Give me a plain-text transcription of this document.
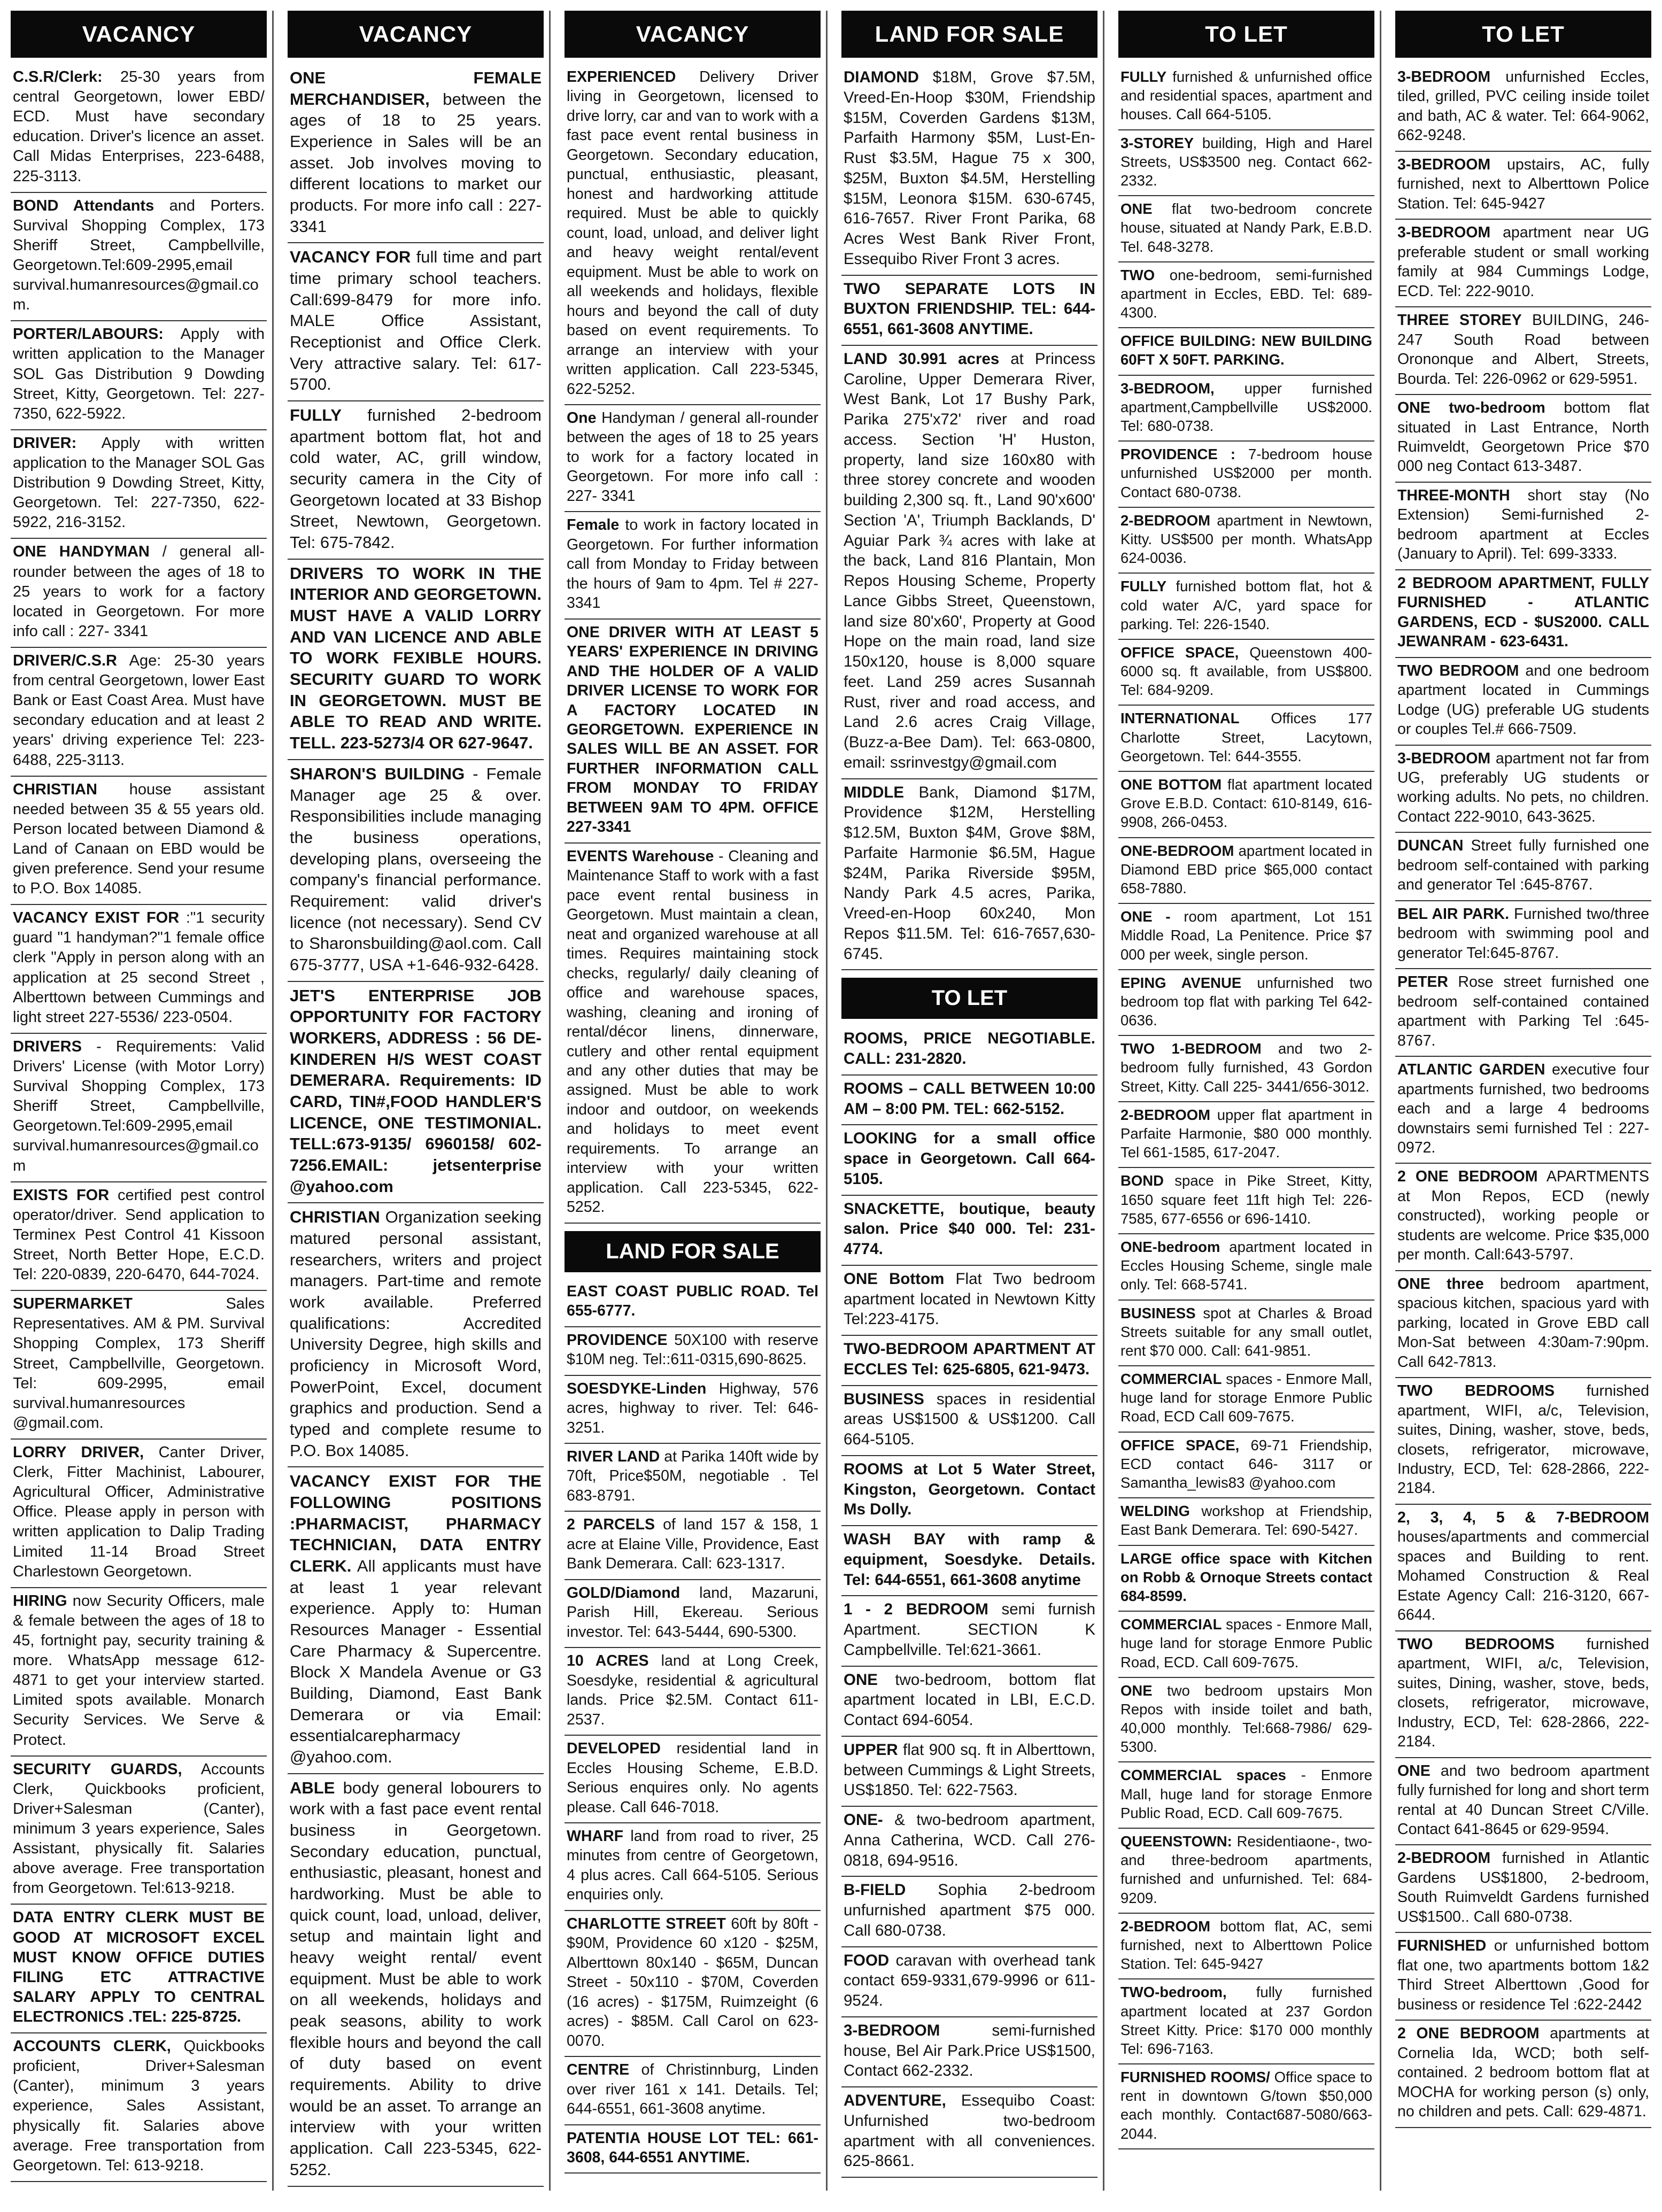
VACANCY
C.S.R/Clerk: 25-30 years from central Georgetown, lower EBD/ ECD. Must have secondary education. Driver's licence an asset. Call Midas Enterprises, 223-6488, 225-3113.
BOND Attendants and Porters. Survival Shopping Complex, 173 Sheriff Street, Campbellville, Georgetown.Tel:609-2995,email survival.humanresources@gmail.com.
PORTER/LABOURS: Apply with written application to the Manager SOL Gas Distribution 9 Dowding Street, Kitty, Georgetown. Tel: 227-7350, 622-5922.
DRIVER: Apply with written application to the Manager SOL Gas Distribution 9 Dowding Street, Kitty, Georgetown. Tel: 227-7350, 622-5922, 216-3152.
ONE HANDYMAN / general all-rounder between the ages of 18 to 25 years to work for a factory located in Georgetown. For more info call : 227- 3341
DRIVER/C.S.R Age: 25-30 years from central Georgetown, lower East Bank or East Coast Area. Must have secondary education and at least 2 years' driving experience Tel: 223-6488, 225-3113.
CHRISTIAN house assistant needed between 35 & 55 years old. Person located between Diamond & Land of Canaan on EBD would be given preference. Send your resume to P.O. Box 14085.
VACANCY EXIST FOR :"1 security guard "1 handyman?"1 female office clerk "Apply in person along with an application at 25 second Street , Alberttown between Cummings and light street 227-5536/ 223-0504.
DRIVERS - Requirements: Valid Drivers' License (with Motor Lorry) Survival Shopping Complex, 173 Sheriff Street, Campbellville, Georgetown.Tel:609-2995,email survival.humanresources@gmail.com
EXISTS FOR certified pest control operator/driver. Send application to Terminex Pest Control 41 Kissoon Street, North Better Hope, E.C.D. Tel: 220-0839, 220-6470, 644-7024.
SUPERMARKET Sales Representatives. AM & PM. Survival Shopping Complex, 173 Sheriff Street, Campbellville, Georgetown. Tel: 609-2995, email survival.humanresources @gmail.com.
LORRY DRIVER, Canter Driver, Clerk, Fitter Machinist, Labourer, Agricultural Officer, Administrative Office. Please apply in person with written application to Dalip Trading Limited 11-14 Broad Street Charlestown Georgetown.
HIRING now Security Officers, male & female between the ages of 18 to 45, fortnight pay, security training & more. WhatsApp message 612-4871 to get your interview started. Limited spots available. Monarch Security Services. We Serve & Protect.
SECURITY GUARDS, Accounts Clerk, Quickbooks proficient, Driver+Salesman (Canter), minimum 3 years experience, Sales Assistant, physically fit. Salaries above average. Free transportation from Georgetown. Tel:613-9218.
DATA ENTRY CLERK MUST BE GOOD AT MICROSOFT EXCEL MUST KNOW OFFICE DUTIES FILING ETC ATTRACTIVE SALARY APPLY TO CENTRAL ELECTRONICS .TEL: 225-8725.
ACCOUNTS CLERK, Quickbooks proficient, Driver+Salesman (Canter), minimum 3 years experience, Sales Assistant, physically fit. Salaries above average. Free transportation from Georgetown. Tel: 613-9218.
VACANCY
ONE FEMALE MERCHANDISER, between the ages of 18 to 25 years. Experience in Sales will be an asset. Job involves moving to different locations to market our products. For more info call : 227- 3341
VACANCY FOR full time and part time primary school teachers. Call:699-8479 for more info. MALE Office Assistant, Receptionist and Office Clerk. Very attractive salary. Tel: 617-5700.
FULLY furnished 2-bedroom apartment bottom flat, hot and cold water, AC, grill window, security camera in the City of Georgetown located at 33 Bishop Street, Newtown, Georgetown. Tel: 675-7842.
DRIVERS TO WORK IN THE INTERIOR AND GEORGETOWN. MUST HAVE A VALID LORRY AND VAN LICENCE AND ABLE TO WORK FEXIBLE HOURS. SECURITY GUARD TO WORK IN GEORGETOWN. MUST BE ABLE TO READ AND WRITE. TELL. 223-5273/4 OR 627-9647.
SHARON'S BUILDING - Female Manager age 25 & over. Responsibilities include managing the business operations, developing plans, overseeing the company's financial performance. Requirement: valid driver's licence (not necessary). Send CV to Sharonsbuilding@aol.com. Call 675-3777, USA +1-646-932-6428.
JET'S ENTERPRISE JOB OPPORTUNITY FOR FACTORY WORKERS, ADDRESS : 56 DE-KINDEREN H/S WEST COAST DEMERARA. Requirements: ID CARD, TIN#,FOOD HANDLER'S LICENCE, ONE TESTIMONIAL. TELL:673-9135/ 6960158/ 602-7256.EMAIL: jetsenterprise @yahoo.com
CHRISTIAN Organization seeking matured personal assistant, researchers, writers and project managers. Part-time and remote work available. Preferred qualifications: Accredited University Degree, high skills and proficiency in Microsoft Word, PowerPoint, Excel, document graphics and production. Send a typed and complete resume to P.O. Box 14085.
VACANCY EXIST FOR THE FOLLOWING POSITIONS :PHARMACIST, PHARMACY TECHNICIAN, DATA ENTRY CLERK. All applicants must have at least 1 year relevant experience. Apply to: Human Resources Manager - Essential Care Pharmacy & Supercentre. Block X Mandela Avenue or G3 Building, Diamond, East Bank Demerara or via Email: essentialcarepharmacy @yahoo.com.
ABLE body general lobourers to work with a fast pace event rental business in Georgetown. Secondary education, punctual, enthusiastic, pleasant, honest and hardworking. Must be able to quick count, load, unload, deliver, setup and maintain light and heavy weight rental/ event equipment. Must be able to work on all weekends, holidays and peak seasons, ability to work flexible hours and beyond the call of duty based on event requirements. Ability to drive would be an asset. To arrange an interview with your written application. Call 223-5345, 622-5252.
VACANCY
EXPERIENCED Delivery Driver living in Georgetown, licensed to drive lorry, car and van to work with a fast pace event rental business in Georgetown. Secondary education, punctual, enthusiastic, pleasant, honest and hardworking attitude required. Must be able to quickly count, load, unload, and deliver light and heavy weight rental/event equipment. Must be able to work on all weekends and holidays, flexible hours and beyond the call of duty based on event requirements. To arrange an interview with your written application. Call 223-5345, 622-5252.
One Handyman / general all-rounder between the ages of 18 to 25 years to work for a factory located in Georgetown. For more info call : 227- 3341
Female to work in factory located in Georgetown. For further information call from Monday to Friday between the hours of 9am to 4pm. Tel # 227-3341
ONE DRIVER WITH AT LEAST 5 YEARS' EXPERIENCE IN DRIVING AND THE HOLDER OF A VALID DRIVER LICENSE TO WORK FOR A FACTORY LOCATED IN GEORGETOWN. EXPERIENCE IN SALES WILL BE AN ASSET. FOR FURTHER INFORMATION CALL FROM MONDAY TO FRIDAY BETWEEN 9AM TO 4PM. OFFICE 227-3341
EVENTS Warehouse - Cleaning and Maintenance Staff to work with a fast pace event rental business in Georgetown. Must maintain a clean, neat and organized warehouse at all times. Requires maintaining stock checks, regularly/ daily cleaning of office and warehouse spaces, washing, cleaning and ironing of rental/décor linens, dinnerware, cutlery and other rental equipment and any other duties that may be assigned. Must be able to work indoor and outdoor, on weekends and holidays to meet event requirements. To arrange an interview with your written application. Call 223-5345, 622-5252.
LAND FOR SALE
EAST COAST PUBLIC ROAD. Tel 655-6777.
PROVIDENCE 50X100 with reserve $10M neg. Tel::611-0315,690-8625.
SOESDYKE-Linden Highway, 576 acres, highway to river. Tel: 646-3251.
RIVER LAND at Parika 140ft wide by 70ft, Price$50M, negotiable . Tel 683-8791.
2 PARCELS of land 157 & 158, 1 acre at Elaine Ville, Providence, East Bank Demerara. Call: 623-1317.
GOLD/Diamond land, Mazaruni, Parish Hill, Ekereau. Serious investor. Tel: 643-5444, 690-5300.
10 ACRES land at Long Creek, Soesdyke, residential & agricultural lands. Price $2.5M. Contact 611-2537.
DEVELOPED residential land in Eccles Housing Scheme, E.B.D. Serious enquires only. No agents please. Call 646-7018.
WHARF land from road to river, 25 minutes from centre of Georgetown, 4 plus acres. Call 664-5105. Serious enquiries only.
CHARLOTTE STREET 60ft by 80ft - $90M, Providence 60 x120 - $25M, Alberttown 80x140 - $65M, Duncan Street - 50x110 - $70M, Coverden (16 acres) - $175M, Ruimzeight (6 acres) - $85M. Call Carol on 623-0070.
CENTRE of Christinnburg, Linden over river 161 x 141. Details. Tel; 644-6551, 661-3608 anytime.
PATENTIA HOUSE LOT TEL: 661-3608, 644-6551 ANYTIME.
LAND FOR SALE
DIAMOND $18M, Grove $7.5M, Vreed-En-Hoop $30M, Friendship $15M, Coverden Gardens $13M, Parfaith Harmony $5M, Lust-En-Rust $3.5M, Hague 75 x 300, $25M, Buxton $4.5M, Herstelling $15M, Leonora $15M. 630-6745, 616-7657. River Front Parika, 68 Acres West Bank River Front, Essequibo River Front 3 acres.
TWO SEPARATE LOTS IN BUXTON FRIENDSHIP. TEL: 644-6551, 661-3608 ANYTIME.
LAND 30.991 acres at Princess Caroline, Upper Demerara River, West Bank, Lot 17 Bushy Park, Parika 275'x72' river and road access. Section 'H' Huston, property, land size 160x80 with three storey concrete and wooden building 2,300 sq. ft., Land 90'x600' Section 'A', Triumph Backlands, D' Aguiar Park ¾ acres with lake at the back, Land 816 Plantain, Mon Repos Housing Scheme, Property Lance Gibbs Street, Queenstown, land size 80'x60', Property at Good Hope on the main road, land size 150x120, house is 8,000 square feet. Land 259 acres Susannah Rust, river and road access, and Land 2.6 acres Craig Village, (Buzz-a-Bee Dam). Tel: 663-0800, email: ssrinvestgy@gmail.com
MIDDLE Bank, Diamond $17M, Providence $12M, Herstelling $12.5M, Buxton $4M, Grove $8M, Parfaite Harmonie $6.5M, Hague $24M, Parika Riverside $95M, Nandy Park 4.5 acres, Parika, Vreed-en-Hoop 60x240, Mon Repos $11.5M. Tel: 616-7657,630-6745.
TO LET
ROOMS, PRICE NEGOTIABLE. CALL: 231-2820.
ROOMS – CALL BETWEEN 10:00 AM – 8:00 PM. TEL: 662-5152.
LOOKING for a small office space in Georgetown. Call 664-5105.
SNACKETTE, boutique, beauty salon. Price $40 000. Tel: 231-4774.
ONE Bottom Flat Two bedroom apartment located in Newtown Kitty Tel:223-4175.
TWO-BEDROOM APARTMENT AT ECCLES Tel: 625-6805, 621-9473.
BUSINESS spaces in residential areas US$1500 & US$1200. Call 664-5105.
ROOMS at Lot 5 Water Street, Kingston, Georgetown. Contact Ms Dolly.
WASH BAY with ramp & equipment, Soesdyke. Details. Tel: 644-6551, 661-3608 anytime
1 - 2 BEDROOM semi furnish Apartment. SECTION K Campbellville. Tel:621-3661.
ONE two-bedroom, bottom flat apartment located in LBI, E.C.D. Contact 694-6054.
UPPER flat 900 sq. ft in Alberttown, between Cummings & Light Streets, US$1850. Tel: 622-7563.
ONE- & two-bedroom apartment, Anna Catherina, WCD. Call 276-0818, 694-9516.
B-FIELD Sophia 2-bedroom unfurnished apartment $75 000. Call 680-0738.
FOOD caravan with overhead tank contact 659-9331,679-9996 or 611-9524.
3-BEDROOM semi-furnished house, Bel Air Park.Price US$1500, Contact 662-2332.
ADVENTURE, Essequibo Coast: Unfurnished two-bedroom apartment with all conveniences. 625-8661.
TO LET
FULLY furnished & unfurnished office and residential spaces, apartment and houses. Call 664-5105.
3-STOREY building, High and Harel Streets, US$3500 neg. Contact 662-2332.
ONE flat two-bedroom concrete house, situated at Nandy Park, E.B.D. Tel. 648-3278.
TWO one-bedroom, semi-furnished apartment in Eccles, EBD. Tel: 689-4300.
OFFICE BUILDING: NEW BUILDING 60FT X 50FT. PARKING.
3-BEDROOM, upper furnished apartment,Campbellville US$2000. Tel: 680-0738.
PROVIDENCE : 7-bedroom house unfurnished US$2000 per month. Contact 680-0738.
2-BEDROOM apartment in Newtown, Kitty. US$500 per month. WhatsApp 624-0036.
FULLY furnished bottom flat, hot & cold water A/C, yard space for parking. Tel: 226-1540.
OFFICE SPACE, Queenstown 400-6000 sq. ft available, from US$800. Tel: 684-9209.
INTERNATIONAL Offices 177 Charlotte Street, Lacytown, Georgetown. Tel: 644-3555.
ONE BOTTOM flat apartment located Grove E.B.D. Contact: 610-8149, 616-9908, 266-0453.
ONE-BEDROOM apartment located in Diamond EBD price $65,000 contact 658-7880.
ONE - room apartment, Lot 151 Middle Road, La Penitence. Price $7 000 per week, single person.
EPING AVENUE unfurnished two bedroom top flat with parking Tel 642-0636.
TWO 1-BEDROOM and two 2-bedroom fully furnished, 43 Gordon Street, Kitty. Call 225- 3441/656-3012.
2-BEDROOM upper flat apartment in Parfaite Harmonie, $80 000 monthly. Tel 661-1585, 617-2047.
BOND space in Pike Street, Kitty, 1650 square feet 11ft high Tel: 226-7585, 677-6556 or 696-1410.
ONE-bedroom apartment located in Eccles Housing Scheme, single male only. Tel: 668-5741.
BUSINESS spot at Charles & Broad Streets suitable for any small outlet, rent $70 000. Call: 641-9851.
COMMERCIAL spaces - Enmore Mall, huge land for storage Enmore Public Road, ECD Call 609-7675.
OFFICE SPACE, 69-71 Friendship, ECD contact 646- 3117 or Samantha_lewis83 @yahoo.com
WELDING workshop at Friendship, East Bank Demerara. Tel: 690-5427.
LARGE office space with Kitchen on Robb & Ornoque Streets contact 684-8599.
COMMERCIAL spaces - Enmore Mall, huge land for storage Enmore Public Road, ECD. Call 609-7675.
ONE two bedroom upstairs Mon Repos with inside toilet and bath, 40,000 monthly. Tel:668-7986/ 629-5300.
COMMERCIAL spaces - Enmore Mall, huge land for storage Enmore Public Road, ECD. Call 609-7675.
QUEENSTOWN: Residentiaone-, two-and three-bedroom apartments, furnished and unfurnished. Tel: 684-9209.
2-BEDROOM bottom flat, AC, semi furnished, next to Alberttown Police Station. Tel: 645-9427
TWO-bedroom, fully furnished apartment located at 237 Gordon Street Kitty. Price: $170 000 monthly Tel: 696-7163.
FURNISHED ROOMS/ Office space to rent in downtown G/town $50,000 each monthly. Contact687-5080/663-2044.
TO LET
3-BEDROOM unfurnished Eccles, tiled, grilled, PVC ceiling inside toilet and bath, AC & water. Tel: 664-9062, 662-9248.
3-BEDROOM upstairs, AC, fully furnished, next to Alberttown Police Station. Tel: 645-9427
3-BEDROOM apartment near UG preferable student or small working family at 984 Cummings Lodge, ECD. Tel: 222-9010.
THREE STOREY BUILDING, 246-247 South Road between Orononque and Albert, Streets, Bourda. Tel: 226-0962 or 629-5951.
ONE two-bedroom bottom flat situated in Last Entrance, North Ruimveldt, Georgetown Price $70 000 neg Contact 613-3487.
THREE-MONTH short stay (No Extension) Semi-furnished 2-bedroom apartment at Eccles (January to April). Tel: 699-3333.
2 BEDROOM APARTMENT, FULLY FURNISHED - ATLANTIC GARDENS, ECD - $US2000. CALL JEWANRAM - 623-6431.
TWO BEDROOM and one bedroom apartment located in Cummings Lodge (UG) preferable UG students or couples Tel.# 666-7509.
3-BEDROOM apartment not far from UG, preferably UG students or working adults. No pets, no children. Contact 222-9010, 643-3625.
DUNCAN Street fully furnished one bedroom self-contained with parking and generator Tel :645-8767.
BEL AIR PARK. Furnished two/three bedroom with swimming pool and generator Tel:645-8767.
PETER Rose street furnished one bedroom self-contained contained apartment with Parking Tel :645-8767.
ATLANTIC GARDEN executive four apartments furnished, two bedrooms each and a large 4 bedrooms downstairs semi furnished Tel : 227-0972.
2 ONE BEDROOM APARTMENTS at Mon Repos, ECD (newly constructed), working people or students are welcome. Price $35,000 per month. Call:643-5797.
ONE three bedroom apartment, spacious kitchen, spacious yard with parking, located in Grove EBD call Mon-Sat between 4:30am-7:90pm. Call 642-7813.
TWO BEDROOMS furnished apartment, WIFI, a/c, Television, suites, Dining, washer, stove, beds, closets, refrigerator, microwave, Industry, ECD, Tel: 628-2866, 222-2184.
2, 3, 4, 5 & 7-BEDROOM houses/apartments and commercial spaces and Building to rent. Mohamed Construction & Real Estate Agency Call: 216-3120, 667-6644.
TWO BEDROOMS furnished apartment, WIFI, a/c, Television, suites, Dining, washer, stove, beds, closets, refrigerator, microwave, Industry, ECD, Tel: 628-2866, 222-2184.
ONE and two bedroom apartment fully furnished for long and short term rental at 40 Duncan Street C/Ville. Contact 641-8645 or 629-9594.
2-BEDROOM furnished in Atlantic Gardens US$1800, 2-bedroom, South Ruimveldt Gardens furnished US$1500.. Call 680-0738.
FURNISHED or unfurnished bottom flat one, two apartments bottom 1&2 Third Street Alberttown ,Good for business or residence Tel :622-2442
2 ONE BEDROOM apartments at Cornelia Ida, WCD; both self-contained. 2 bedroom bottom flat at MOCHA for working person (s) only, no children and pets. Call: 629-4871.
